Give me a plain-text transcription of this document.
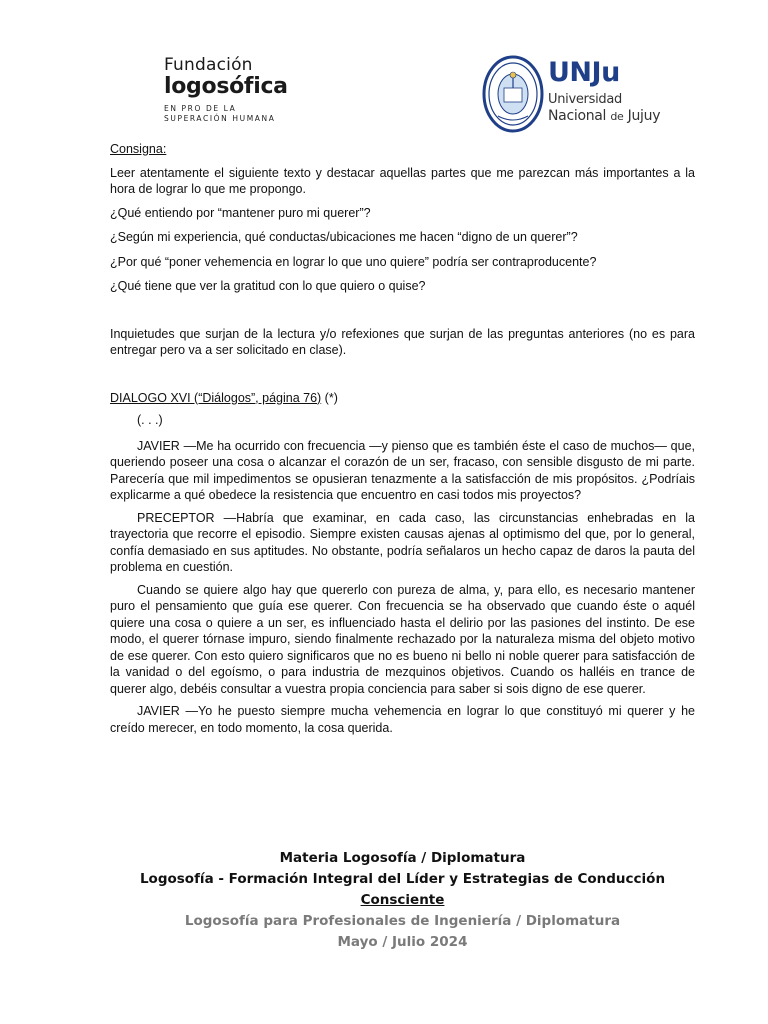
Fundación
logosófica
EN PRO DE LA
SUPERACIÓN HUMANA
UNJu
Universidad
Nacional de Jujuy

Consigna:

Leer atentamente el siguiente texto y destacar aquellas partes que me parezcan más importantes a la hora de lograr lo que me propongo.

¿Qué entiendo por “mantener puro mi querer”?

¿Según mi experiencia, qué conductas/ubicaciones me hacen “digno de un querer”?

¿Por qué “poner vehemencia en lograr lo que uno quiere” podría ser contraproducente?

¿Qué tiene que ver la gratitud con lo que quiero o quise?

Inquietudes que surjan de la lectura y/o refexiones que surjan de las preguntas anteriores (no es para entregar pero va a ser solicitado en clase).

DIALOGO XVI (“Diálogos”, página 76) (*)

(. . .)

JAVIER —Me ha ocurrido con frecuencia —y pienso que es también éste el caso de muchos— que, queriendo poseer una cosa o alcanzar el corazón de un ser, fracaso, con sensible disgusto de mi parte. Parecería que mil impedimentos se opusieran tenazmente a la satisfacción de mis propósitos. ¿Podríais explicarme a qué obedece la resistencia que encuentro en casi todos mis proyectos?

PRECEPTOR —Habría que examinar, en cada caso, las circunstancias enhebradas en la trayectoria que recorre el episodio. Siempre existen causas ajenas al optimismo del que, por lo general, confía demasiado en sus aptitudes. No obstante, podría señalaros un hecho capaz de daros la pauta del problema en cuestión.

Cuando se quiere algo hay que quererlo con pureza de alma, y, para ello, es necesario mantener puro el pensamiento que guía ese querer. Con frecuencia se ha observado que cuando éste o aquél quiere una cosa o quiere a un ser, es influenciado hasta el delirio por las pasiones del instinto. De ese modo, el querer tórnase impuro, siendo finalmente rechazado por la naturaleza misma del objeto motivo de ese querer. Con esto quiero significaros que no es bueno ni bello ni noble querer para satisfacción de la vanidad o del egoísmo, o para industria de mezquinos objetivos. Cuando os halléis en trance de querer algo, debéis consultar a vuestra propia conciencia para saber si sois digno de ese querer.

JAVIER —Yo he puesto siempre mucha vehemencia en lograr lo que constituyó mi querer y he creído merecer, en todo momento, la cosa querida.

Materia Logosofía / Diplomatura
Logosofía - Formación Integral del Líder y Estrategias de Conducción
Consciente
Logosofía para Profesionales de Ingeniería / Diplomatura
Mayo / Julio 2024
